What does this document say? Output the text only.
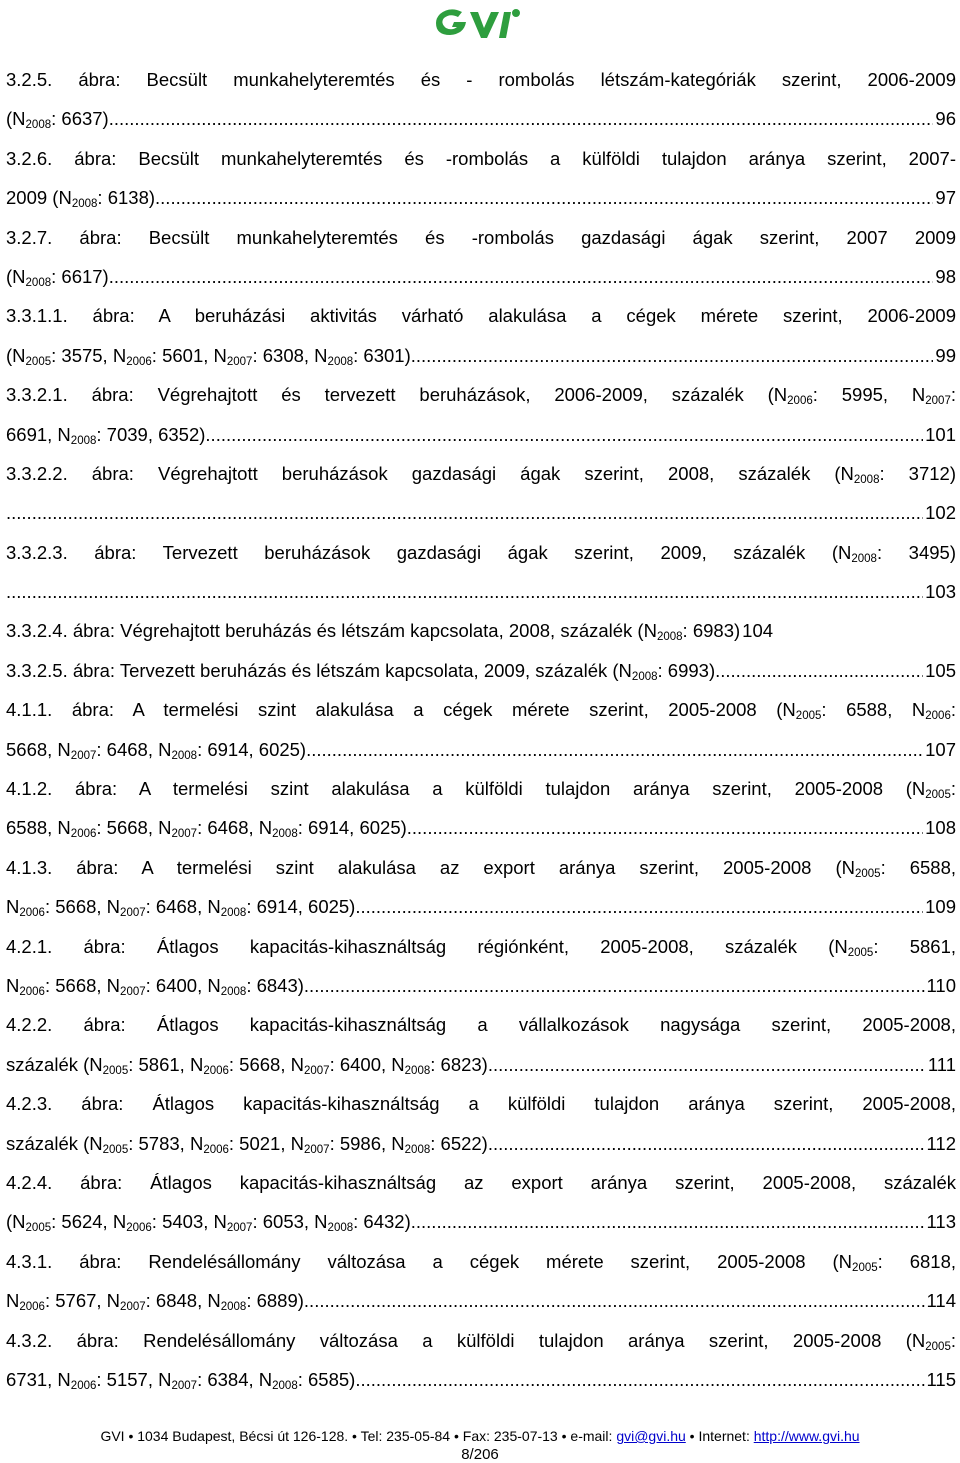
3.2.5. ábra: Becsült munkahelyteremtés és - rombolás létszám-kategóriák szerint, 2006-2009
($N_{2008}$: 6637) .....	96
3.2.6. ábra: Becsült munkahelyteremtés és -rombolás a külföldi tulajdon aránya szerint, 2007-
2009 ($N_{2008}$: 6138) .....	97
3.2.7. ábra: Becsült munkahelyteremtés és -rombolás gazdasági ágak szerint, 2007 2009
($N_{2008}$: 6617) .....	98
3.3.1.1. ábra: A beruházási aktivitás várható alakulása a cégek mérete szerint, 2006-2009
($N_{2005}$: 3575, $N_{2006}$: 5601, $N_{2007}$: 6308, $N_{2008}$: 6301) .....	99
3.3.2.1. ábra: Végrehajtott és tervezett beruházások, 2006-2009, százalék ($N_{2006}$: 5995, $N_{2007}$:
6691, $N_{2008}$: 7039, 6352) .....	101
3.3.2.2. ábra: Végrehajtott beruházások gazdasági ágak szerint, 2008, százalék ($N_{2008}$: 3712)
.....
102
3.3.2.3. ábra: Tervezett beruházások gazdasági ágak szerint, 2009, százalék ($N_{2008}$: 3495)
.....
103
3.3.2.4. ábra: Végrehajtott beruházás és létszám kapcsolata, 2008, százalék ($N_{2008}$: 6983) 104
3.3.2.5. ábra: Tervezett beruházás és létszám kapcsolata, 2009, százalék ($N_{2008}$: 6993) .....	105
4.1.1. ábra: A termelési szint alakulása a cégek mérete szerint, 2005-2008 ($N_{2005}$: 6588, $N_{2006}$:
5668, $N_{2007}$: 6468, $N_{2008}$: 6914, 6025) .....	107
4.1.2. ábra: A termelési szint alakulása a külföldi tulajdon aránya szerint, 2005-2008 ($N_{2005}$:
6588, $N_{2006}$: 5668, $N_{2007}$: 6468, $N_{2008}$: 6914, 6025) .....	108
4.1.3. ábra: A termelési szint alakulása az export aránya szerint, 2005-2008 ($N_{2005}$: 6588,
$N_{2006}$: 5668, $N_{2007}$: 6468, $N_{2008}$: 6914, 6025) .....	109
4.2.1. ábra: Átlagos kapacitás-kihasználtság régiónként, 2005-2008, százalék ($N_{2005}$: 5861,
$N_{2006}$: 5668, $N_{2007}$: 6400, $N_{2008}$: 6843) .....	110
4.2.2. ábra: Átlagos kapacitás-kihasználtság a vállalkozások nagysága szerint, 2005-2008,
százalék ($N_{2005}$: 5861, $N_{2006}$: 5668, $N_{2007}$: 6400, $N_{2008}$: 6823) .....	111
4.2.3. ábra: Átlagos kapacitás-kihasználtság a külföldi tulajdon aránya szerint, 2005-2008,
százalék ($N_{2005}$: 5783, $N_{2006}$: 5021, $N_{2007}$: 5986, $N_{2008}$: 6522) .....	112
4.2.4. ábra: Átlagos kapacitás-kihasználtság az export aránya szerint, 2005-2008, százalék
($N_{2005}$: 5624, $N_{2006}$: 5403, $N_{2007}$: 6053, $N_{2008}$: 6432) .....	113
4.3.1. ábra: Rendelésállomány változása a cégek mérete szerint, 2005-2008 ($N_{2005}$: 6818,
$N_{2006}$: 5767, $N_{2007}$: 6848, $N_{2008}$: 6889) .....	114
4.3.2. ábra: Rendelésállomány változása a külföldi tulajdon aránya szerint, 2005-2008 ($N_{2005}$:
6731, $N_{2006}$: 5157, $N_{2007}$: 6384, $N_{2008}$: 6585) .....	115
GVI • 1034 Budapest, Bécsi út 126-128. • Tel: 235-05-84 • Fax: 235-07-13 • e-mail: gvi@gvi.hu • Internet: http://www.gvi.hu
8/206
